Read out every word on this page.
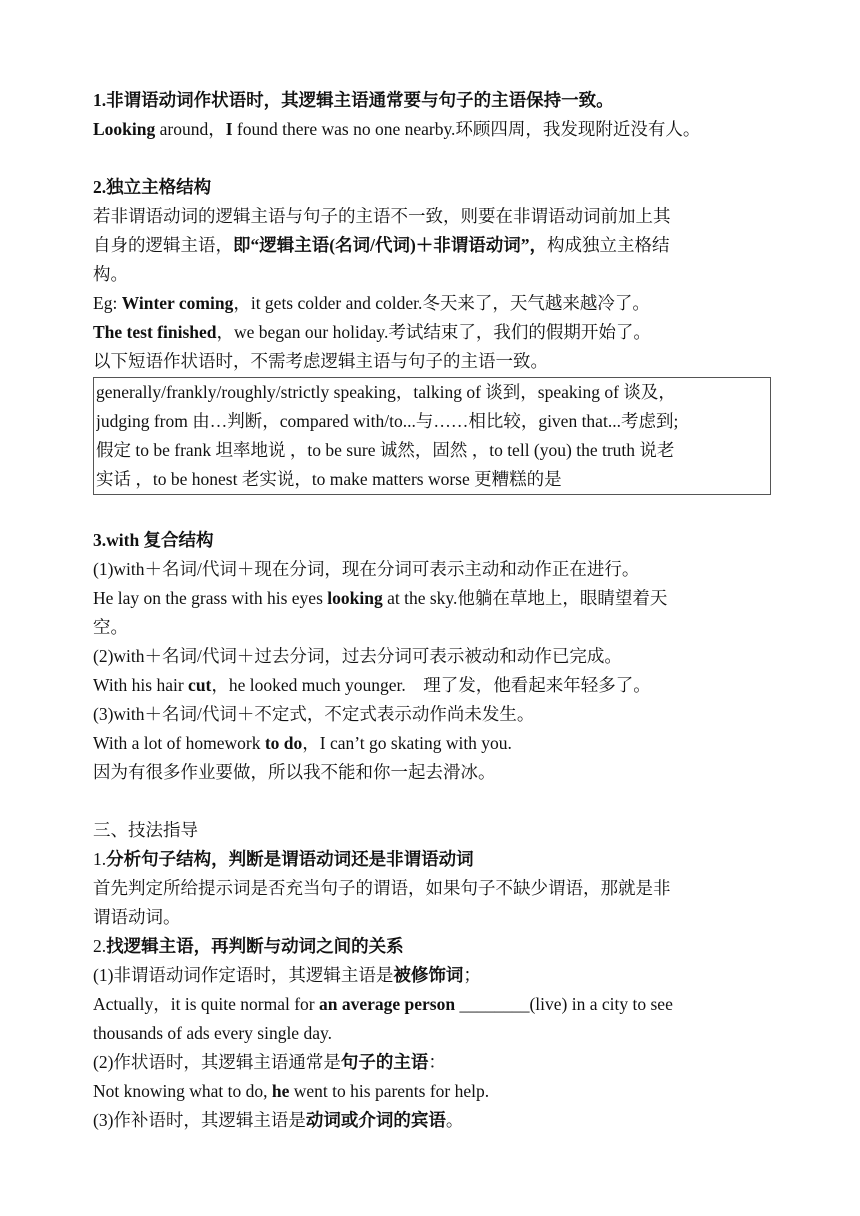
1.非谓语动词作状语时，其逻辑主语通常要与句子的主语保持一致。

Looking around，I found there was no one nearby.环顾四周，我发现附近没有人。

2.独立主格结构

若非谓语动词的逻辑主语与句子的主语不一致，则要在非谓语动词前加上其

自身的逻辑主语，即“逻辑主语(名词/代词)＋非谓语动词”，构成独立主格结

构。

Eg: Winter coming，it gets colder and colder.冬天来了，天气越来越冷了。

The test finished，we began our holiday.考试结束了，我们的假期开始了。

以下短语作状语时，不需考虑逻辑主语与句子的主语一致。

generally/frankly/roughly/strictly speaking，talking of 谈到，speaking of 谈及，

judging from 由…判断，compared with/to...与……相比较，given that...考虑到;

假定 to be frank 坦率地说 ，to be sure 诚然，固然 ，to tell (you) the truth 说老

实话 ，to be honest 老实说，to make matters worse 更糟糕的是

3.with 复合结构

(1)with＋名词/代词＋现在分词，现在分词可表示主动和动作正在进行。

He lay on the grass with his eyes looking at the sky.他躺在草地上，眼睛望着天

空。

(2)with＋名词/代词＋过去分词，过去分词可表示被动和动作已完成。

With his hair cut，he looked much younger.    理了发，他看起来年轻多了。

(3)with＋名词/代词＋不定式，不定式表示动作尚未发生。

With a lot of homework to do，I can’t go skating with you.

因为有很多作业要做，所以我不能和你一起去滑冰。

三、技法指导

1.分析句子结构，判断是谓语动词还是非谓语动词

首先判定所给提示词是否充当句子的谓语，如果句子不缺少谓语，那就是非

谓语动词。

2.找逻辑主语，再判断与动词之间的关系

(1)非谓语动词作定语时，其逻辑主语是被修饰词；

Actually，it is quite normal for an average person ________(live) in a city to see

thousands of ads every single day.

(2)作状语时，其逻辑主语通常是句子的主语：

Not knowing what to do, he went to his parents for help.

(3)作补语时，其逻辑主语是动词或介词的宾语。
